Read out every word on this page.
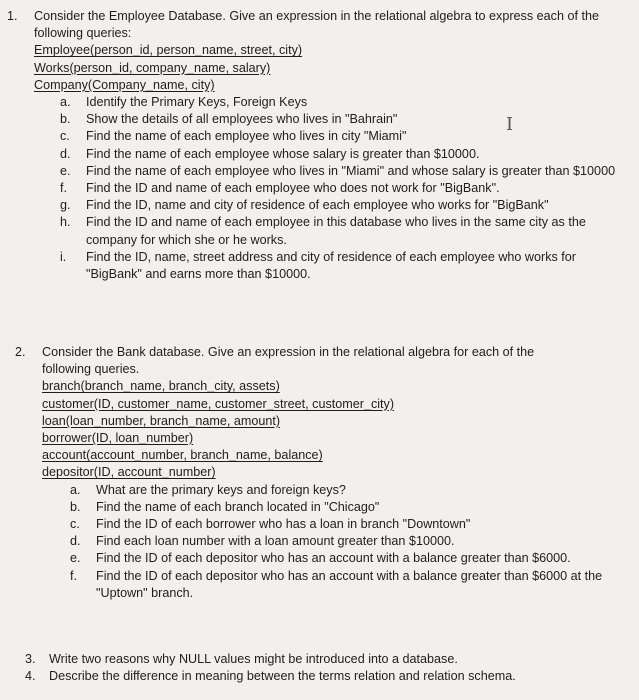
1.	Consider the Employee Database. Give an expression in the relational algebra to express each of the following queries:
Employee(person_id, person_name, street, city)
Works(person_id, company_name, salary)
Company(Company_name, city)
a.	Identify the Primary Keys, Foreign Keys
b.	Show the details of all employees who lives in "Bahrain"
c.	Find the name of each employee who lives in city "Miami"
d.	Find the name of each employee whose salary is greater than $10000.
e.	Find the name of each employee who lives in "Miami" and whose salary is greater than $10000
f.	Find the ID and name of each employee who does not work for "BigBank".
g.	Find the ID, name and city of residence of each employee who works for "BigBank"
h.	Find the ID and name of each employee in this database who lives in the same city as the company for which she or he works.
i.	Find the ID, name, street address and city of residence of each employee who works for "BigBank" and earns more than $10000.
I
2.	Consider the Bank database. Give an expression in the relational algebra for each of the following queries.
branch(branch_name, branch_city, assets)
customer(ID, customer_name, customer_street, customer_city)
loan(loan_number, branch_name, amount)
borrower(ID, loan_number)
account(account_number, branch_name, balance)
depositor(ID, account_number)
a.	What are the primary keys and foreign keys?
b.	Find the name of each branch located in "Chicago"
c.	Find the ID of each borrower who has a loan in branch "Downtown"
d.	Find each loan number with a loan amount greater than $10000.
e.	Find the ID of each depositor who has an account with a balance greater than $6000.
f.	Find the ID of each depositor who has an account with a balance greater than $6000 at the "Uptown" branch.
3.	Write two reasons why NULL values might be introduced into a database.
4.	Describe the difference in meaning between the terms relation and relation schema.
